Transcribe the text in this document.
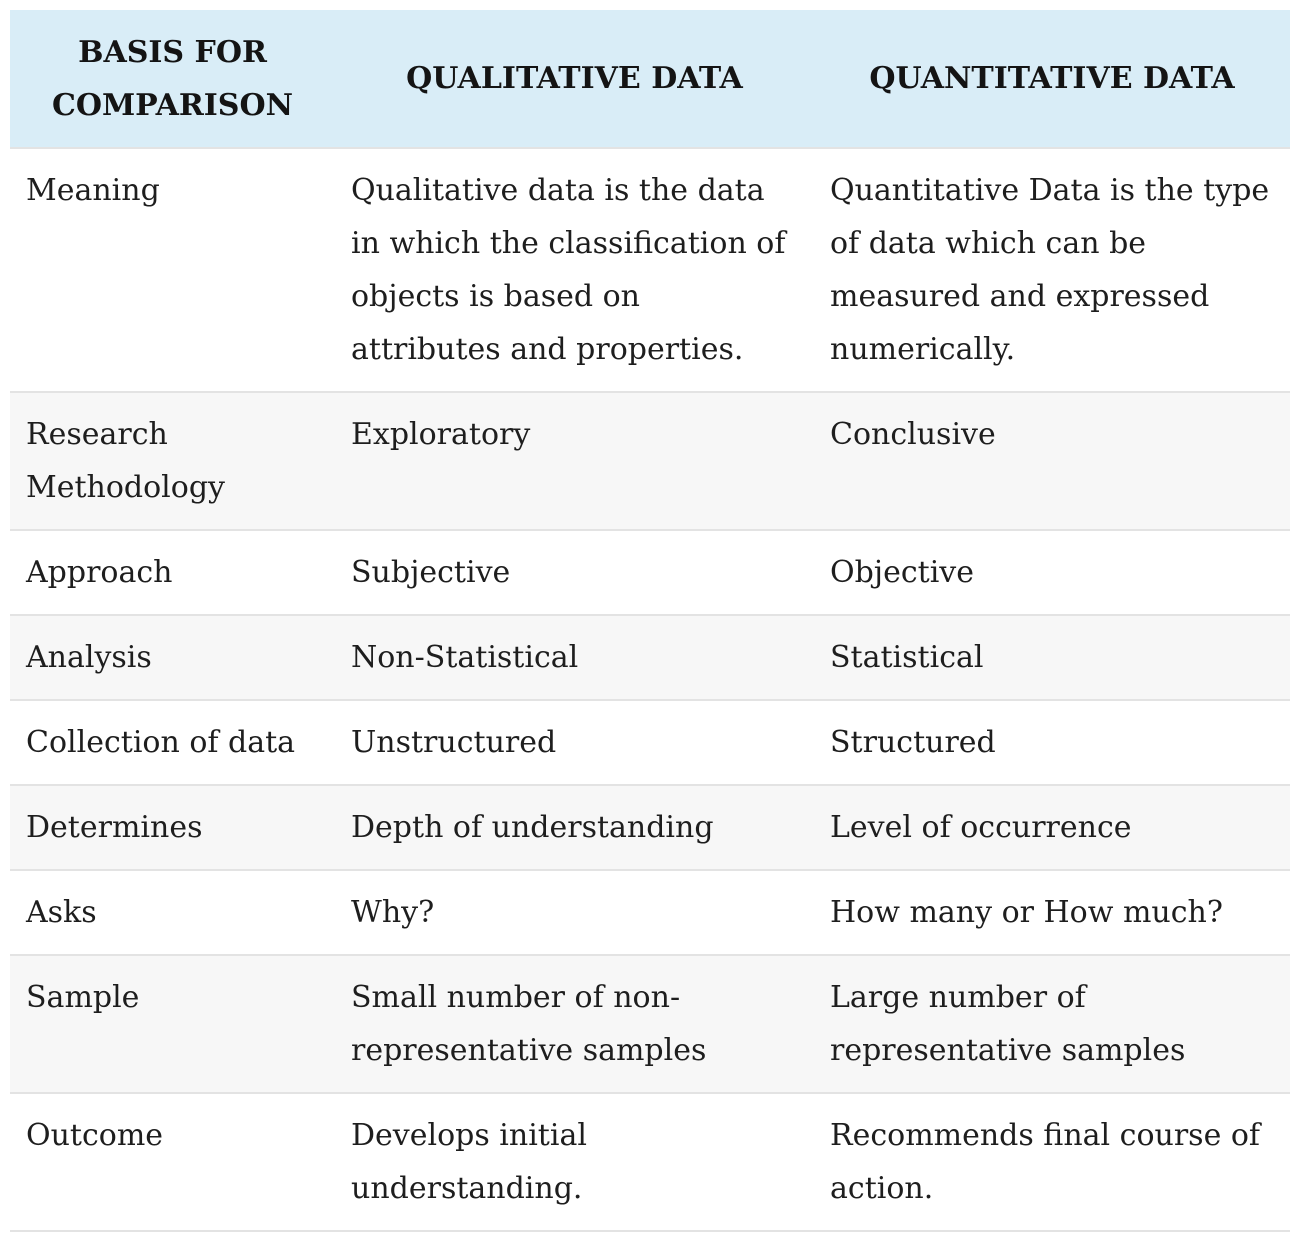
BASIS FOR COMPARISON	QUALITATIVE DATA	QUANTITATIVE DATA
Meaning	Qualitative data is the data in which the classification of objects is based on attributes and properties.	Quantitative Data is the type of data which can be measured and expressed numerically.
Research Methodology	Exploratory	Conclusive
Approach	Subjective	Objective
Analysis	Non-Statistical	Statistical
Collection of data	Unstructured	Structured
Determines	Depth of understanding	Level of occurrence
Asks	Why?	How many or How much?
Sample	Small number of non-representative samples	Large number of representative samples
Outcome	Develops initial understanding.	Recommends final course of action.
